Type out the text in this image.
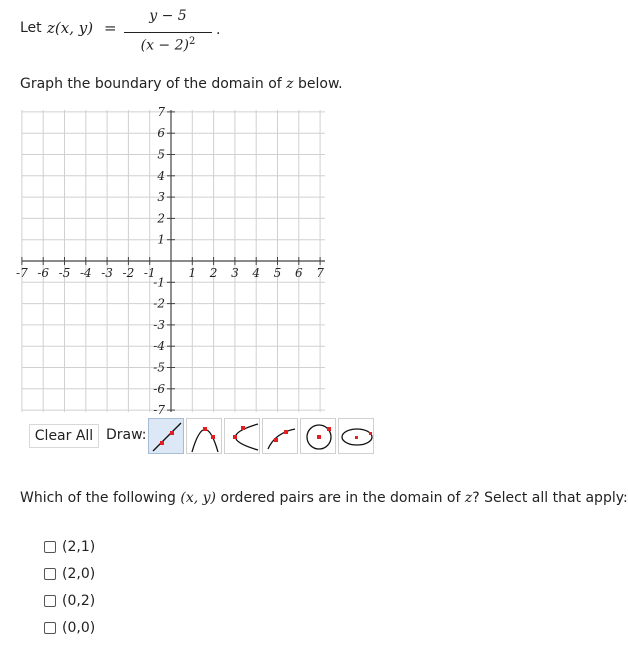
Let z(x, y) =
y − 5
$(x - 2)^2$
.
Graph the boundary of the domain of z below.
-7 -6 -5 -4 -3 -2 -1	1 2 3 4 5 6 7
7
6
5
4
3
2
1
-1
-2
-3
-4
-5
-6
-7
Clear All Draw:
Which of the following (x, y) ordered pairs are in the domain of z? Select all that apply:
(2,1)
(2,0)
(0,2)
(0,0)
